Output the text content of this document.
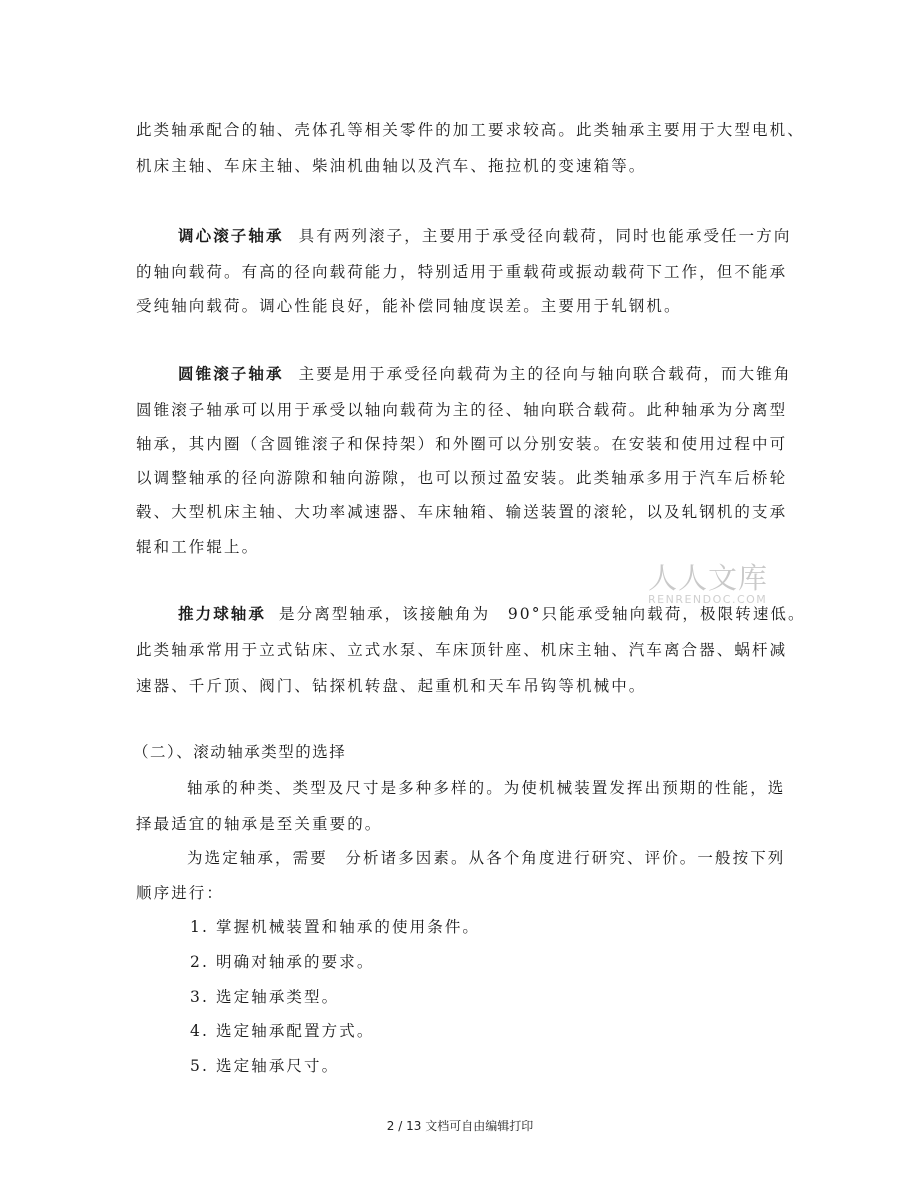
此类轴承配合的轴、壳体孔等相关零件的加工要求较高。此类轴承主要用于大型电机、
机床主轴、车床主轴、柴油机曲轴以及汽车、拖拉机的变速箱等。
调心滚子轴承 具有两列滚子，主要用于承受径向载荷，同时也能承受任一方向
的轴向载荷。有高的径向载荷能力，特别适用于重载荷或振动载荷下工作，但不能承
受纯轴向载荷。调心性能良好，能补偿同轴度误差。主要用于轧钢机。
圆锥滚子轴承 主要是用于承受径向载荷为主的径向与轴向联合载荷，而大锥角
圆锥滚子轴承可以用于承受以轴向载荷为主的径、轴向联合载荷。此种轴承为分离型
轴承，其内圈（含圆锥滚子和保持架）和外圈可以分别安装。在安装和使用过程中可
以调整轴承的径向游隙和轴向游隙，也可以预过盈安装。此类轴承多用于汽车后桥轮
毂、大型机床主轴、大功率减速器、车床轴箱、输送装置的滚轮，以及轧钢机的支承
辊和工作辊上。
人人文库
RENRENDOC.COM
推力球轴承 是分离型轴承，该接触角为　90°只能承受轴向载荷，极限转速低。
此类轴承常用于立式钻床、立式水泵、车床顶针座、机床主轴、汽车离合器、蜗杆减
速器、千斤顶、阀门、钻探机转盘、起重机和天车吊钩等机械中。
（二）、滚动轴承类型的选择
轴承的种类、类型及尺寸是多种多样的。为使机械装置发挥出预期的性能，选
择最适宜的轴承是至关重要的。
为选定轴承，需要　分析诸多因素。从各个角度进行研究、评价。一般按下列
顺序进行：
1. 掌握机械装置和轴承的使用条件。
2. 明确对轴承的要求。
3. 选定轴承类型。
4. 选定轴承配置方式。
5. 选定轴承尺寸。
2 / 13 文档可自由编辑打印
